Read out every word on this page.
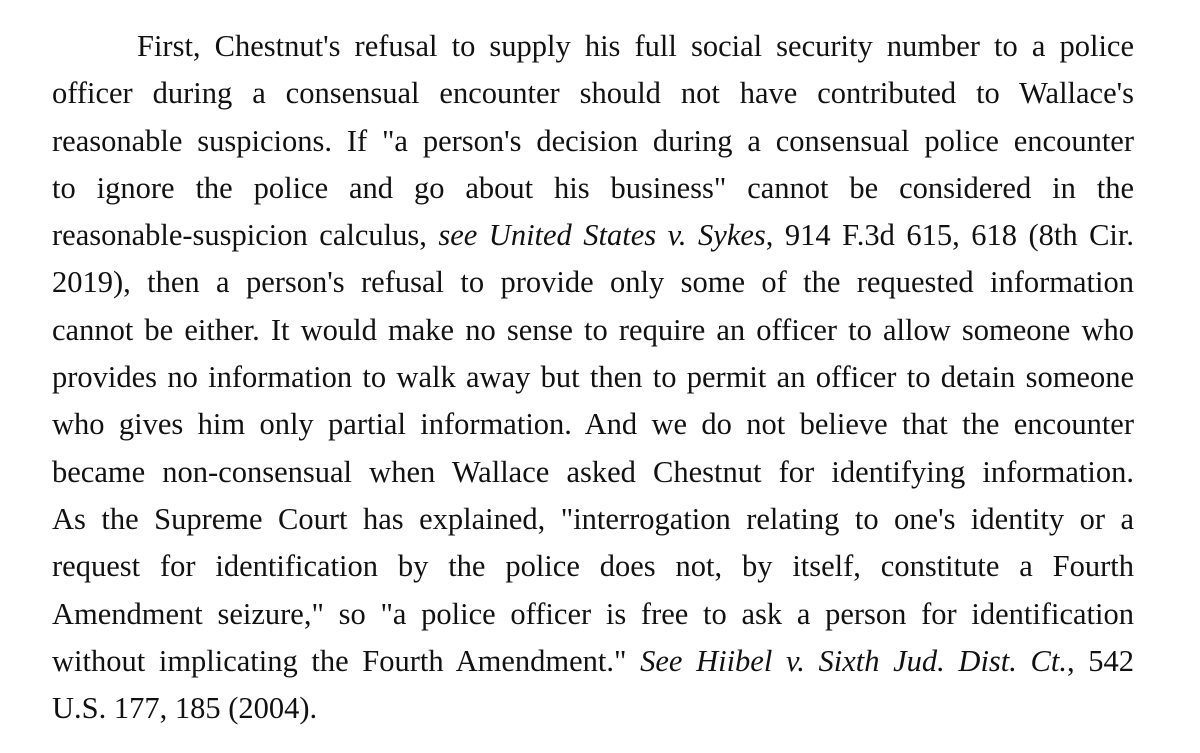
First, Chestnut's refusal to supply his full social security number to a police
officer during a consensual encounter should not have contributed to Wallace's
reasonable suspicions. If "a person's decision during a consensual police encounter
to ignore the police and go about his business" cannot be considered in the
reasonable-suspicion calculus, see United States v. Sykes, 914 F.3d 615, 618 (8th Cir.
2019), then a person's refusal to provide only some of the requested information
cannot be either. It would make no sense to require an officer to allow someone who
provides no information to walk away but then to permit an officer to detain someone
who gives him only partial information. And we do not believe that the encounter
became non-consensual when Wallace asked Chestnut for identifying information.
As the Supreme Court has explained, "interrogation relating to one's identity or a
request for identification by the police does not, by itself, constitute a Fourth
Amendment seizure," so "a police officer is free to ask a person for identification
without implicating the Fourth Amendment." See Hiibel v. Sixth Jud. Dist. Ct., 542
U.S. 177, 185 (2004).
